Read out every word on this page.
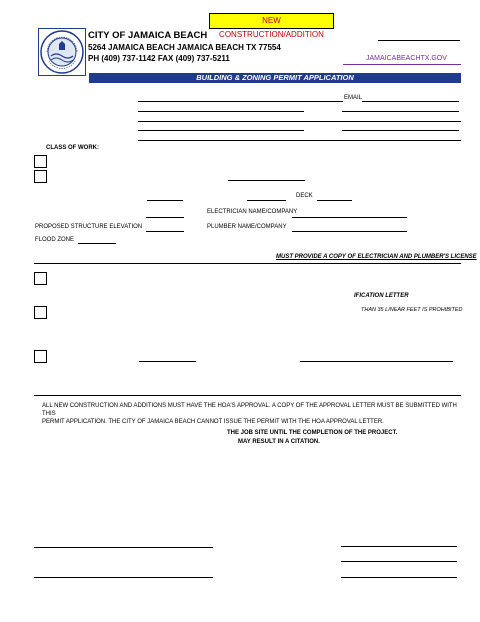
NEW CONSTRUCTION/ADDITION
CITY OF JAMAICA BEACH
5264 JAMAICA BEACH JAMAICA BEACH TX 77554
PH (409) 737-1142 FAX (409) 737-5211	JAMAICABEACHTX.GOV
BUILDING & ZONING PERMIT APPLICATION
EMAIL
CLASS OF WORK:
DECK
ELECTRICIAN NAME/COMPANY
PROPOSED STRUCTURE ELEVATION	PLUMBER NAME/COMPANY
FLOOD ZONE
MUST PROVIDE A COPY OF ELECTRICIAN AND PLUMBER'S LICENSE
IFICATION LETTER
THAN 35 LINEAR FEET IS PROHIBITED
ALL NEW CONSTRUCTION AND ADDITIONS MUST HAVE THE HOA'S APPROVAL. A COPY OF THE APPROVAL LETTER MUST BE SUBMITTED WITH THIS
PERMIT APPLICATION. THE CITY OF JAMAICA BEACH CANNOT ISSUE THE PERMIT WITH THE HOA APPROVAL LETTER.
THE JOB SITE UNTIL THE COMPLETION OF THE PROJECT.
MAY RESULT IN A CITATION.
